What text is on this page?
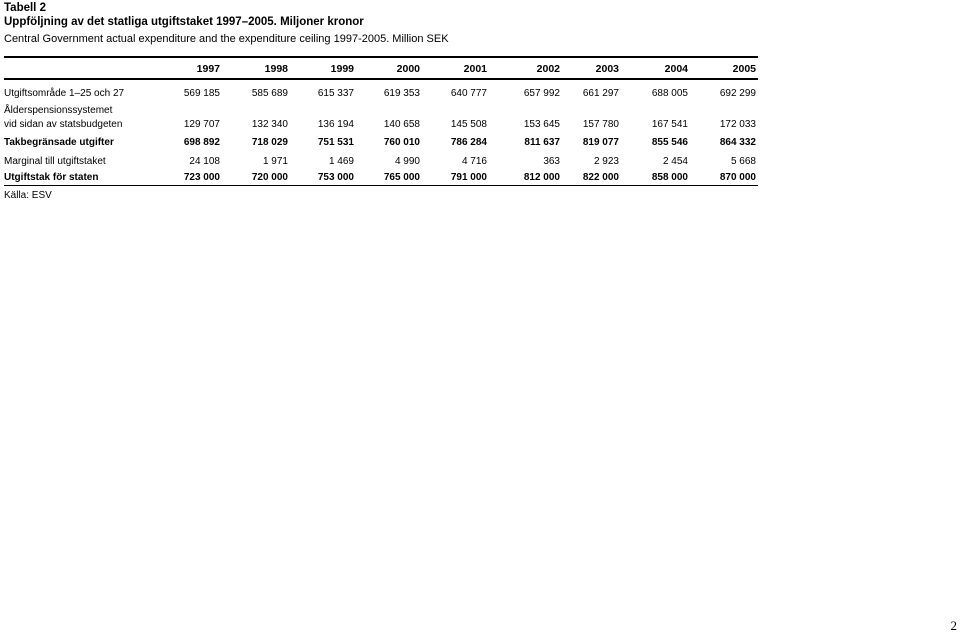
Tabell 2
Uppföljning av det statliga utgiftstaket 1997–2005. Miljoner kronor
Central Government actual expenditure and the expenditure ceiling 1997-2005. Million SEK
1997	1998	1999	2000	2001	2002	2003	2004	2005
Utgiftsområde 1–25 och 27	569 185	585 689	615 337	619 353	640 777	657 992	661 297	688 005	692 299
Ålderspensionssystemet
vid sidan av statsbudgeten	129 707	132 340	136 194	140 658	145 508	153 645	157 780	167 541	172 033
Takbegränsade utgifter	698 892	718 029	751 531	760 010	786 284	811 637	819 077	855 546	864 332
Marginal till utgiftstaket	24 108	1 971	1 469	4 990	4 716	363	2 923	2 454	5 668
Utgiftstak för staten	723 000	720 000	753 000	765 000	791 000	812 000	822 000	858 000	870 000
Källa: ESV
2
